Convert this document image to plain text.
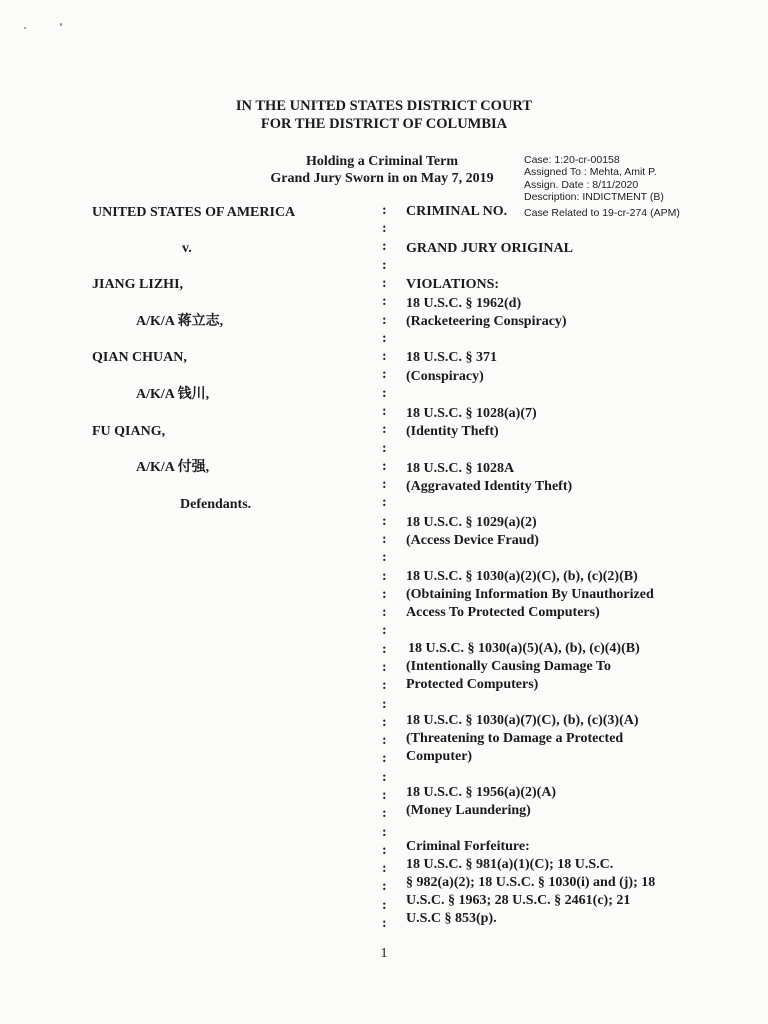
IN THE UNITED STATES DISTRICT COURT
FOR THE DISTRICT OF COLUMBIA
Holding a Criminal Term
Grand Jury Sworn in on May 7, 2019
Case: 1:20-cr-00158
Assigned To : Mehta, Amit P.
Assign. Date : 8/11/2020
Description: INDICTMENT (B)
Case Related to 19-cr-274 (APM)
UNITED STATES OF AMERICA
v.
JIANG LIZHI,
A/K/A 蒋立志,
QIAN CHUAN,
A/K/A 钱川,
FU QIANG,
A/K/A 付强,
Defendants.
:
:
:
:
:
:
:
:
:
:
:
:
:
:
:
:
:
:
:
:
:
:
:
:
:
:
:
:
:
:
:
:
:
:
:
:
:
:
:
:
CRIMINAL NO.
GRAND JURY ORIGINAL
VIOLATIONS:
18 U.S.C. § 1962(d)
(Racketeering Conspiracy)
18 U.S.C. § 371
(Conspiracy)
18 U.S.C. § 1028(a)(7)
(Identity Theft)
18 U.S.C. § 1028A
(Aggravated Identity Theft)
18 U.S.C. § 1029(a)(2)
(Access Device Fraud)
18 U.S.C. § 1030(a)(2)(C), (b), (c)(2)(B)
(Obtaining Information By Unauthorized
Access To Protected Computers)
18 U.S.C. § 1030(a)(5)(A), (b), (c)(4)(B)
(Intentionally Causing Damage To
Protected Computers)
18 U.S.C. § 1030(a)(7)(C), (b), (c)(3)(A)
(Threatening to Damage a Protected
Computer)
18 U.S.C. § 1956(a)(2)(A)
(Money Laundering)
Criminal Forfeiture:
18 U.S.C. § 981(a)(1)(C); 18 U.S.C.
§ 982(a)(2); 18 U.S.C. § 1030(i) and (j); 18
U.S.C. § 1963; 28 U.S.C. § 2461(c); 21
U.S.C § 853(p).
1
